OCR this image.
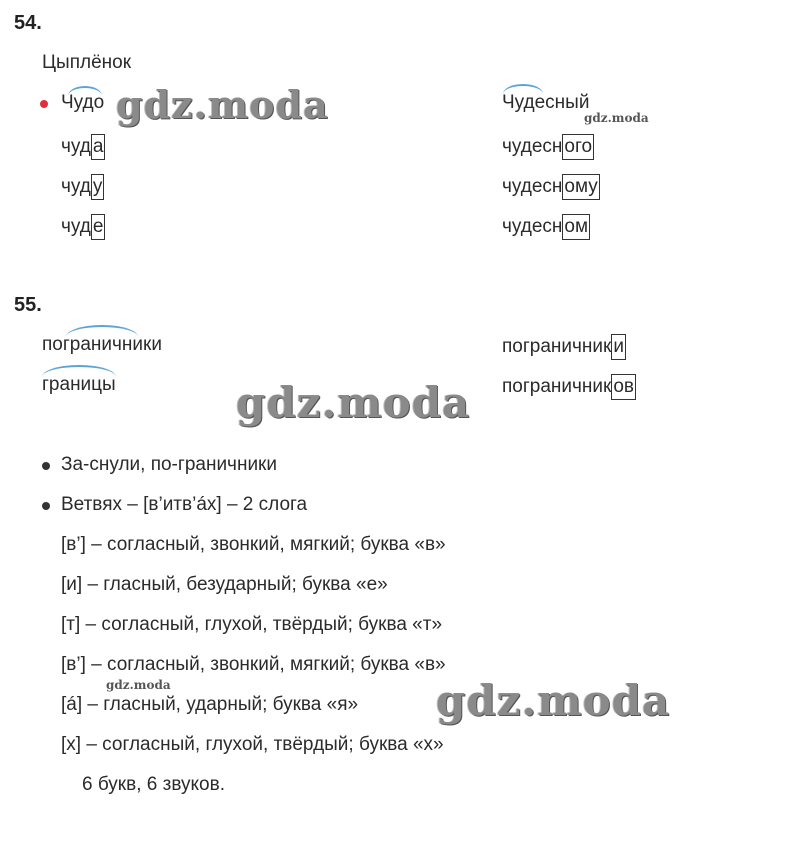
54.
Цыплёнок
Чудо
чуд а
чуд у
чуд е
Чудесный
чудесн ого
чудесн ому
чудесн ом
55.
пограничники
границы
пограничник и
пограничник ов
За-снули, по-граничники
Ветвях – [в’итв’áх] – 2 слога
[в’] – согласный, звонкий, мягкий; буква «в»
[и] – гласный, безударный; буква «е»
[т] – согласный, глухой, твёрдый; буква «т»
[в’] – согласный, звонкий, мягкий; буква «в»
[á] – гласный, ударный; буква «я»
[х] – согласный, глухой, твёрдый; буква «х»
6 букв, 6 звуков.
gdz.moda	gdz.moda
gdz.moda
gdz.moda	gdz.moda
